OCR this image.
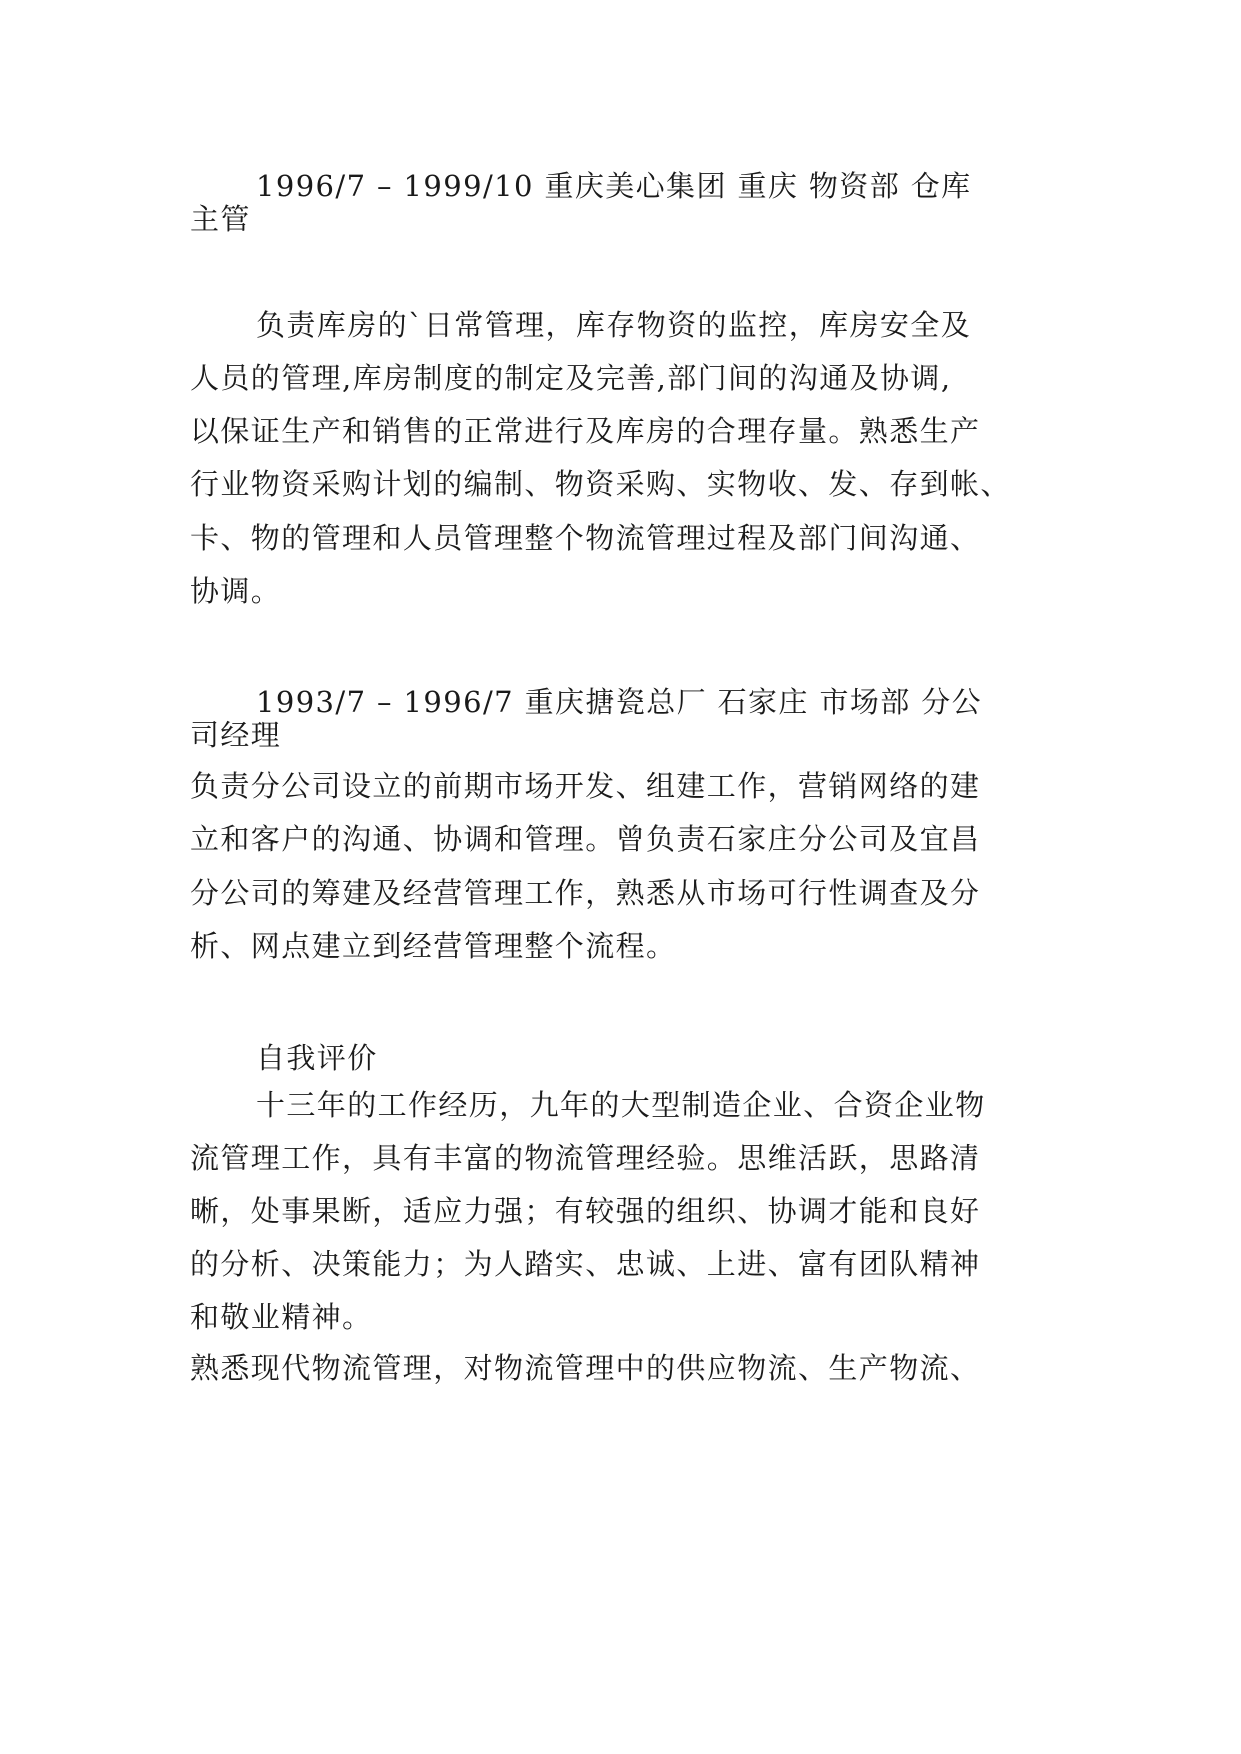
1996/7 – 1999/10 重庆美心集团 重庆 物资部 仓库

主管

负责库房的`日常管理，库存物资的监控，库房安全及

人员的管理,库房制度的制定及完善,部门间的沟通及协调,

以保证生产和销售的正常进行及库房的合理存量。熟悉生产

行业物资采购计划的编制、物资采购、实物收、发、存到帐、

卡、物的管理和人员管理整个物流管理过程及部门间沟通、

协调。

1993/7 – 1996/7 重庆搪瓷总厂 石家庄 市场部 分公

司经理

负责分公司设立的前期市场开发、组建工作，营销网络的建

立和客户的沟通、协调和管理。曾负责石家庄分公司及宜昌

分公司的筹建及经营管理工作，熟悉从市场可行性调查及分

析、网点建立到经营管理整个流程。

自我评价

十三年的工作经历，九年的大型制造企业、合资企业物

流管理工作，具有丰富的物流管理经验。思维活跃，思路清

晰，处事果断，适应力强；有较强的组织、协调才能和良好

的分析、决策能力；为人踏实、忠诚、上进、富有团队精神

和敬业精神。

熟悉现代物流管理，对物流管理中的供应物流、生产物流、
